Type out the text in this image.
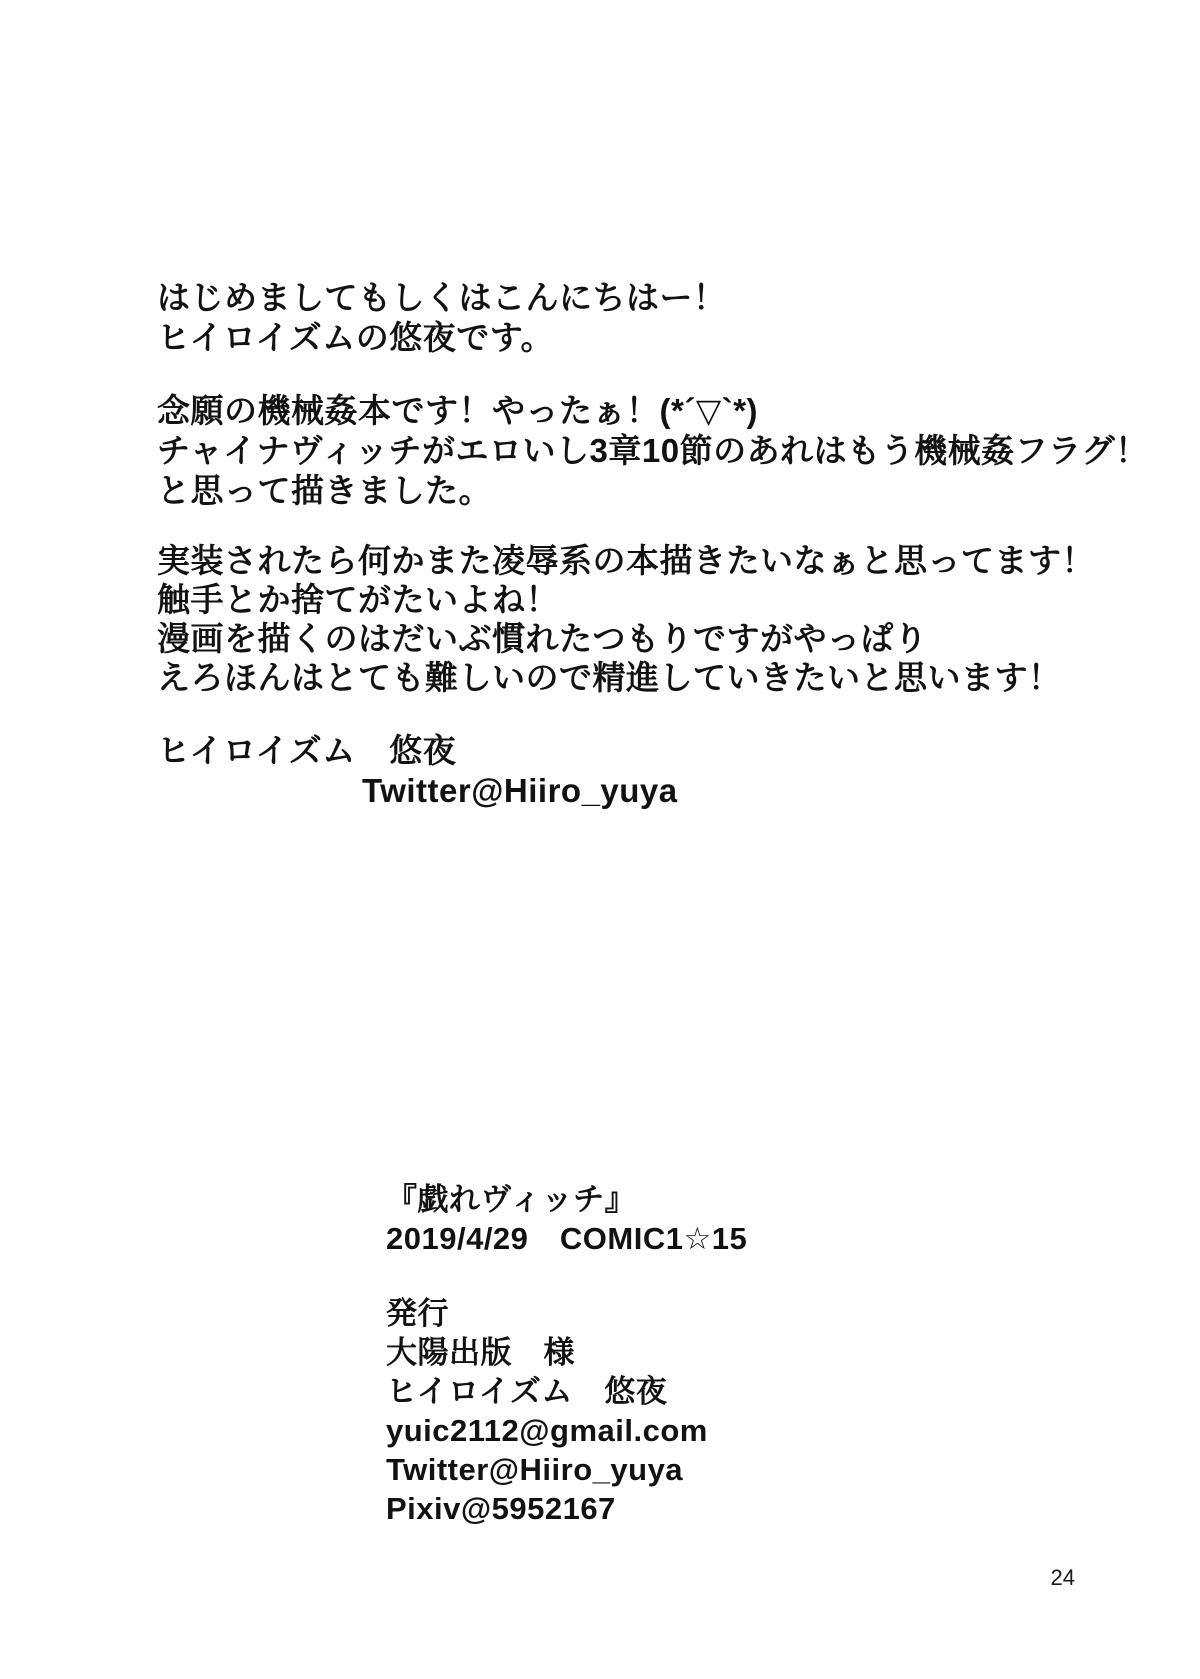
はじめましてもしくはこんにちはー！
ヒイロイズムの悠夜です。
念願の機械姦本です！やったぁ！(*´▽`*)
チャイナヴィッチがエロいし3章10節のあれはもう機械姦フラグ！
と思って描きました。
実装されたら何かまた凌辱系の本描きたいなぁと思ってます！
触手とか捨てがたいよね！
漫画を描くのはだいぶ慣れたつもりですがやっぱり
えろほんはとても難しいので精進していきたいと思います！
ヒイロイズム　悠夜
Twitter@Hiiro_yuya
『戯れヴィッチ』
2019/4/29　COMIC1☆15
発行
大陽出版　様
ヒイロイズム　悠夜
yuic2112@gmail.com
Twitter@Hiiro_yuya
Pixiv@5952167
24
